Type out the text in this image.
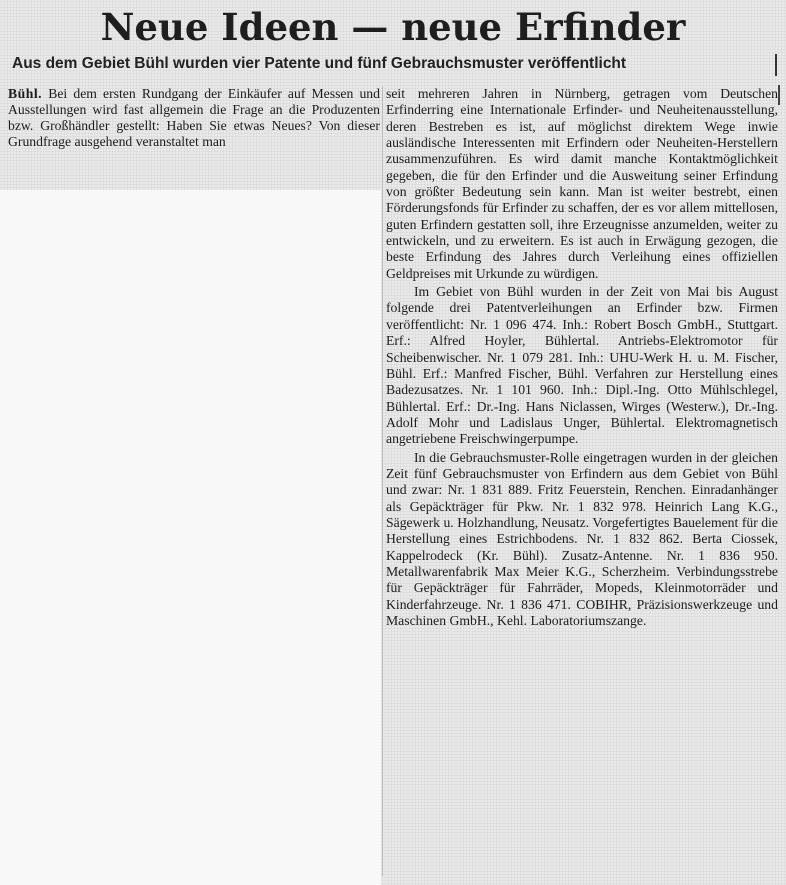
Neue Ideen — neue Erfinder
Aus dem Gebiet Bühl wurden vier Patente und fünf Gebrauchsmuster veröffentlicht

Bühl. Bei dem ersten Rundgang der Einkäufer auf Messen und Ausstellungen wird fast allgemein die Frage an die Produzenten bzw. Großhändler gestellt: Haben Sie etwas Neues? Von dieser Grundfrage ausgehend veranstaltet man

seit mehreren Jahren in Nürnberg, getragen vom Deutschen Erfinderring eine Internationale Erfinder- und Neuheitenausstellung, deren Bestreben es ist, auf möglichst direktem Wege inwie ausländische Interessenten mit Erfindern oder Neuheiten-Herstellern zusammenzuführen. Es wird damit manche Kontaktmöglichkeit gegeben, die für den Erfinder und die Ausweitung seiner Erfindung von größter Bedeutung sein kann. Man ist weiter bestrebt, einen Förderungsfonds für Erfinder zu schaffen, der es vor allem mittellosen, guten Erfindern gestatten soll, ihre Erzeugnisse anzumelden, weiter zu entwickeln, und zu erweitern. Es ist auch in Erwägung gezogen, die beste Erfindung des Jahres durch Verleihung eines offiziellen Geldpreises mit Urkunde zu würdigen.

Im Gebiet von Bühl wurden in der Zeit von Mai bis August folgende drei Patentverleihungen an Erfinder bzw. Firmen veröffentlicht: Nr. 1 096 474. Inh.: Robert Bosch GmbH., Stuttgart. Erf.: Alfred Hoyler, Bühlertal. Antriebs-Elektromotor für Scheibenwischer. Nr. 1 079 281. Inh.: UHU-Werk H. u. M. Fischer, Bühl. Erf.: Manfred Fischer, Bühl. Verfahren zur Herstellung eines Badezusatzes. Nr. 1 101 960. Inh.: Dipl.-Ing. Otto Mühlschlegel, Bühlertal. Erf.: Dr.-Ing. Hans Niclassen, Wirges (Westerw.), Dr.-Ing. Adolf Mohr und Ladislaus Unger, Bühlertal. Elektromagnetisch angetriebene Freischwingerpumpe.

In die Gebrauchsmuster-Rolle eingetragen wurden in der gleichen Zeit fünf Gebrauchsmuster von Erfindern aus dem Gebiet von Bühl und zwar: Nr. 1 831 889. Fritz Feuerstein, Renchen. Einradanhänger als Gepäckträger für Pkw. Nr. 1 832 978. Heinrich Lang K.G., Sägewerk u. Holzhandlung, Neusatz. Vorgefertigtes Bauelement für die Herstellung eines Estrichbodens. Nr. 1 832 862. Berta Ciossek, Kappelrodeck (Kr. Bühl). Zusatz-Antenne. Nr. 1 836 950. Metallwarenfabrik Max Meier K.G., Scherzheim. Verbindungsstrebe für Gepäckträger für Fahrräder, Mopeds, Kleinmotorräder und Kinderfahrzeuge. Nr. 1 836 471. COBIHR, Präzisionswerkzeuge und Maschinen GmbH., Kehl. Laboratoriumszange.
